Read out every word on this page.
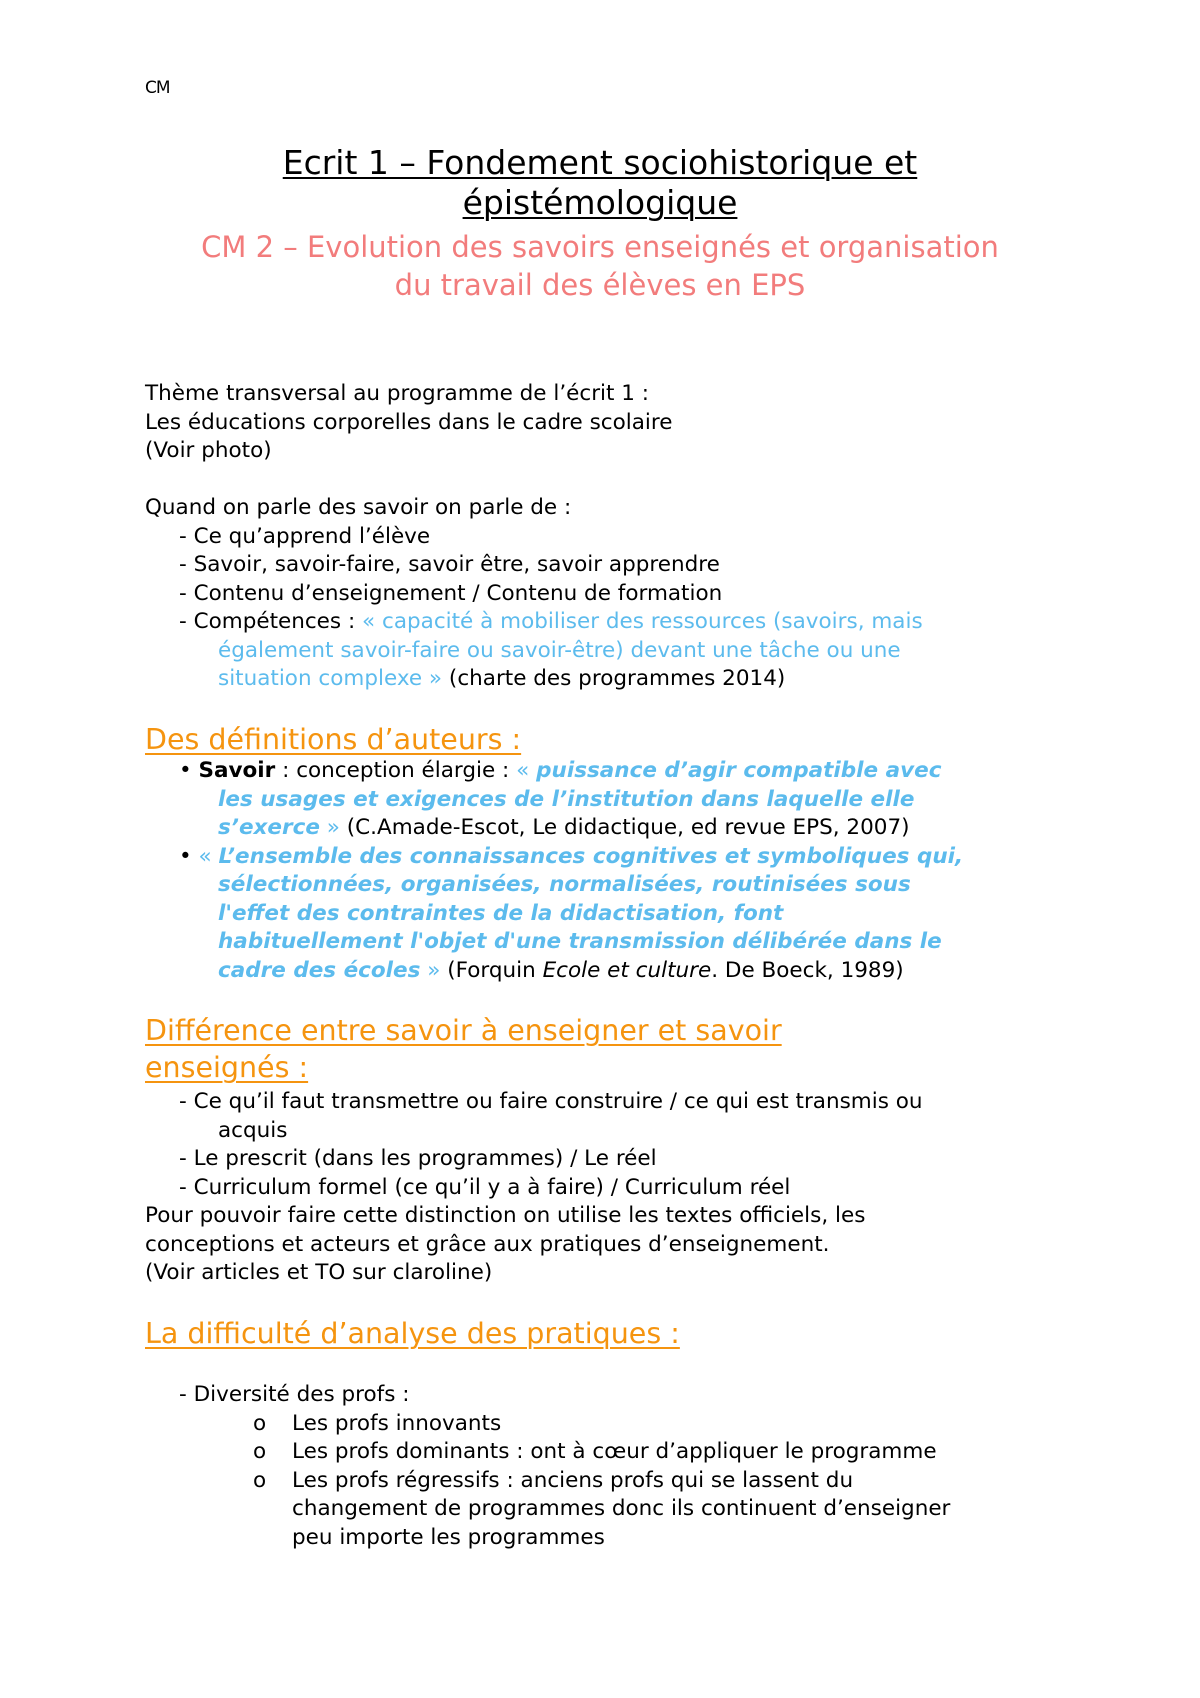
CM
Ecrit 1 – Fondement sociohistorique et
épistémologique
CM 2 – Evolution des savoirs enseignés et organisation
du travail des élèves en EPS
Thème transversal au programme de l’écrit 1 :
Les éducations corporelles dans le cadre scolaire
(Voir photo)
Quand on parle des savoir on parle de :
- Ce qu’apprend l’élève
- Savoir, savoir-faire, savoir être, savoir apprendre
- Contenu d’enseignement / Contenu de formation
- Compétences : « capacité à mobiliser des ressources (savoirs, mais
également savoir-faire ou savoir-être) devant une tâche ou une
situation complexe » (charte des programmes 2014)
Des définitions d’auteurs :
• Savoir : conception élargie : « puissance d’agir compatible avec
les usages et exigences de l’institution dans laquelle elle
s’exerce » (C.Amade-Escot, Le didactique, ed revue EPS, 2007)
• « L’ensemble des connaissances cognitives et symboliques qui,
sélectionnées, organisées, normalisées, routinisées sous
l'effet des contraintes de la didactisation, font
habituellement l'objet d'une transmission délibérée dans le
cadre des écoles » (Forquin Ecole et culture. De Boeck, 1989)
Différence entre savoir à enseigner et savoir
enseignés :
- Ce qu’il faut transmettre ou faire construire / ce qui est transmis ou
acquis
- Le prescrit (dans les programmes) / Le réel
- Curriculum formel (ce qu’il y a à faire) / Curriculum réel
Pour pouvoir faire cette distinction on utilise les textes officiels, les
conceptions et acteurs et grâce aux pratiques d’enseignement.
(Voir articles et TO sur claroline)
La difficulté d’analyse des pratiques :
- Diversité des profs :
o Les profs innovants
o Les profs dominants : ont à cœur d’appliquer le programme
o Les profs régressifs : anciens profs qui se lassent du
changement de programmes donc ils continuent d’enseigner
peu importe les programmes
